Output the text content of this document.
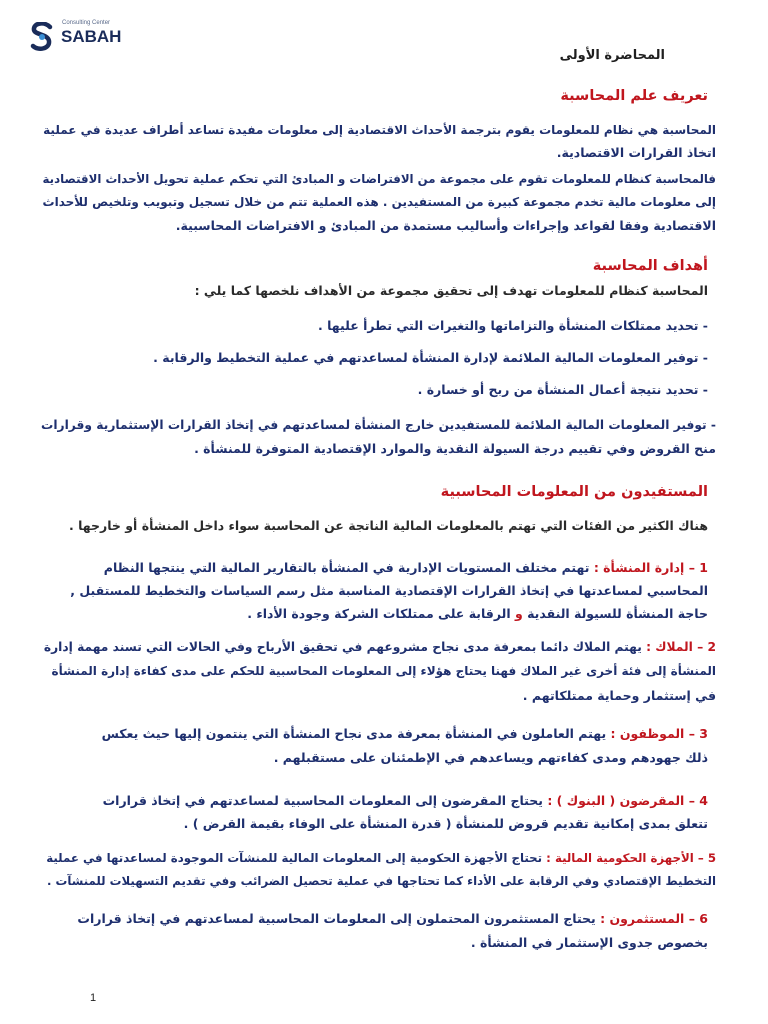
Consulting Center
SABAH
المحاضرة الأولى
تعريف علم المحاسبة
المحاسبة هي نظام للمعلومات يقوم بترجمة الأحداث الاقتصادية إلى معلومات مفيدة تساعد أطراف عديدة في عملية
اتخاذ القرارات الاقتصادية.
فالمحاسبة كنظام للمعلومات تقوم على مجموعة من الافتراضات و المبادئ التي تحكم عملية تحويل الأحداث الاقتصادية
إلى معلومات مالية تخدم مجموعة كبيرة من المستفيدين . هذه العملية تتم من خلال تسجيل وتبويب وتلخيص للأحداث
الاقتصادية وفقا لقواعد وإجراءات وأساليب مستمدة من المبادئ و الافتراضات المحاسبية.
أهداف المحاسبة
المحاسبة كنظام للمعلومات تهدف إلى تحقيق مجموعة من الأهداف نلخصها كما يلي :
- تحديد ممتلكات المنشأة والتزاماتها والتغيرات التي تطرأ عليها .
- توفير المعلومات المالية الملائمة لإدارة المنشأة لمساعدتهم في عملية التخطيط والرقابة .
- تحديد نتيجة أعمال المنشأة من ربح أو خسارة .
- توفير المعلومات المالية الملائمة للمستفيدين خارج المنشأة لمساعدتهم في إتخاذ القرارات الإستثمارية وقرارات
منح القروض وفي تقييم درجة السيولة النقدية والموارد الإقتصادية المتوفرة للمنشأة .
المستفيدون من المعلومات المحاسبية
هناك الكثير من الفئات التي تهتم بالمعلومات المالية الناتجة عن المحاسبة سواء داخل المنشأة أو خارجها .
1 – إدارة المنشأة : تهتم مختلف المستويات الإدارية في المنشأة بالتقارير المالية التي ينتجها النظام
المحاسبي لمساعدتها في إتخاذ القرارات الإقتصادية المناسبة مثل رسم السياسات والتخطيط للمستقبل ,
حاجة المنشأة للسيولة النقدية و الرقابة على ممتلكات الشركة وجودة الأداء .
2 – الملاك : يهتم الملاك دائما بمعرفة مدى نجاح مشروعهم في تحقيق الأرباح وفي الحالات التي تسند مهمة إدارة
المنشأة إلى فئة أخرى غير الملاك فهنا يحتاج هؤلاء إلى المعلومات المحاسبية للحكم على مدى كفاءة إدارة المنشأة
في إستثمار وحماية ممتلكاتهم .
3 – الموظفون : يهتم العاملون في المنشأة بمعرفة مدى نجاح المنشأة التي ينتمون إليها حيث يعكس
ذلك جهودهم ومدى كفاءتهم ويساعدهم في الإطمئنان على مستقبلهم .
4 – المقرضون ( البنوك ) : يحتاج المقرضون إلى المعلومات المحاسبية لمساعدتهم في إتخاذ قرارات
تتعلق بمدى إمكانية تقديم قروض للمنشأة ( قدرة المنشأة على الوفاء بقيمة القرض ) .
5 – الأجهزة الحكومية المالية : تحتاج الأجهزة الحكومية إلى المعلومات المالية للمنشآت الموجودة لمساعدتها في عملية
التخطيط الإقتصادي وفي الرقابة على الأداء كما تحتاجها في عملية تحصيل الضرائب وفي تقديم التسهيلات للمنشآت .
6 – المستثمرون : يحتاج المستثمرون المحتملون إلى المعلومات المحاسبية لمساعدتهم في إتخاذ قرارات
بخصوص جدوى الإستثمار في المنشأة .
1
